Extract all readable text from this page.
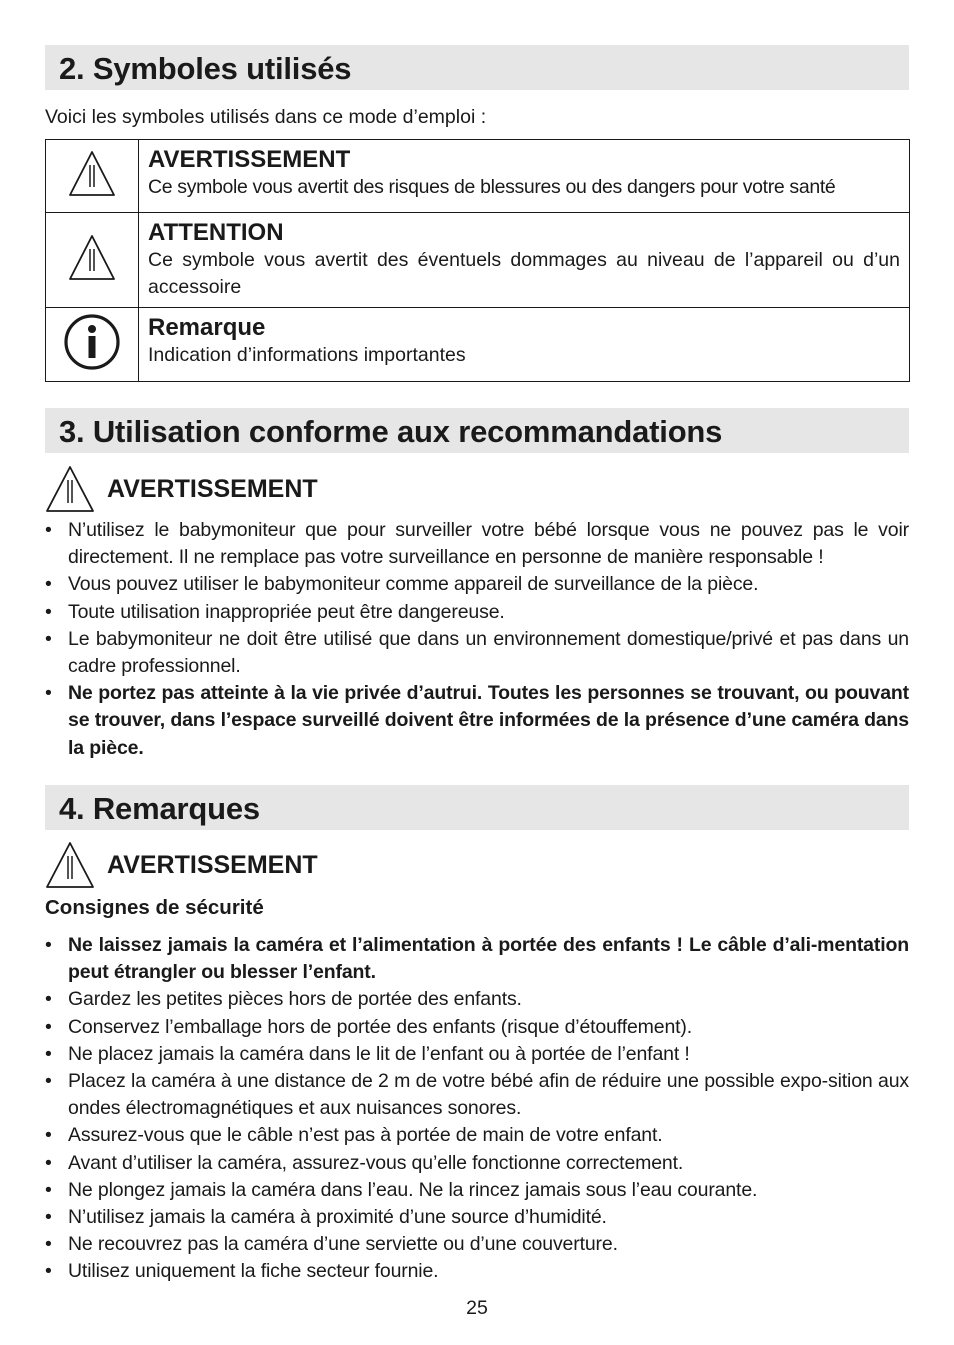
2. Symboles utilisés
Voici les symboles utilisés dans ce mode d’emploi :

AVERTISSEMENT
Ce symbole vous avertit des risques de blessures ou des dangers pour votre santé

ATTENTION
Ce symbole vous avertit des éventuels dommages au niveau de l’appareil ou d’un accessoire

Remarque
Indication d’informations importantes
3. Utilisation conforme aux recommandations
AVERTISSEMENT
• N’utilisez le babymoniteur que pour surveiller votre bébé lorsque vous ne pouvez pas le voir directement. Il ne remplace pas votre surveillance en personne de manière responsable !
• Vous pouvez utiliser le babymoniteur comme appareil de surveillance de la pièce.
• Toute utilisation inappropriée peut être dangereuse.
• Le babymoniteur ne doit être utilisé que dans un environnement domestique/privé et pas dans un cadre professionnel.
• Ne portez pas atteinte à la vie privée d’autrui. Toutes les personnes se trouvant, ou pouvant se trouver, dans l’espace surveillé doivent être informées de la présence d’une caméra dans la pièce.
4. Remarques
AVERTISSEMENT
Consignes de sécurité
• Ne laissez jamais la caméra et l’alimentation à portée des enfants ! Le câble d’ali-mentation peut étrangler ou blesser l’enfant.
• Gardez les petites pièces hors de portée des enfants.
• Conservez l’emballage hors de portée des enfants (risque d’étouffement).
• Ne placez jamais la caméra dans le lit de l’enfant ou à portée de l’enfant !
• Placez la caméra à une distance de 2 m de votre bébé afin de réduire une possible expo-sition aux ondes électromagnétiques et aux nuisances sonores.
• Assurez-vous que le câble n’est pas à portée de main de votre enfant.
• Avant d’utiliser la caméra, assurez-vous qu’elle fonctionne correctement.
• Ne plongez jamais la caméra dans l’eau. Ne la rincez jamais sous l’eau courante.
• N’utilisez jamais la caméra à proximité d’une source d’humidité.
• Ne recouvrez pas la caméra d’une serviette ou d’une couverture.
• Utilisez uniquement la fiche secteur fournie.
25
